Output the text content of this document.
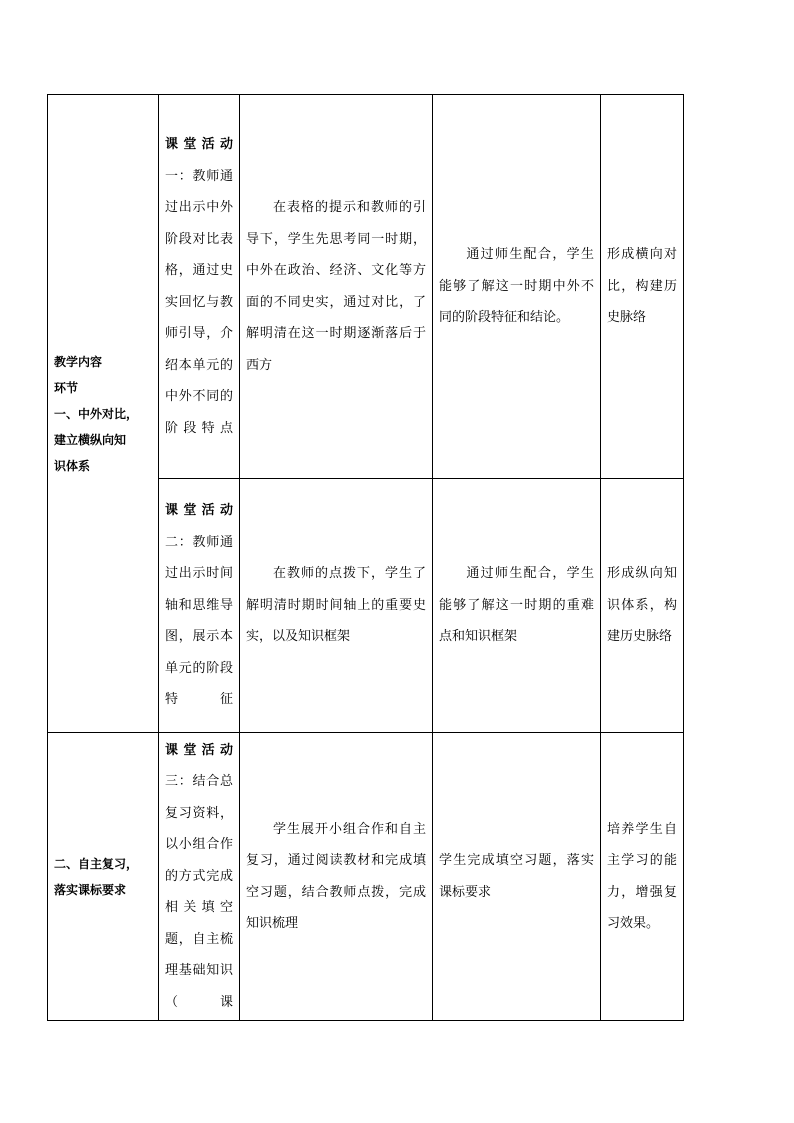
教学内容
环节
一、中外对比，
建立横纵向知
识体系	课堂活动一：教师通过出示中外阶段对比表格，通过史实回忆与教师引导，介绍本单元的中外不同的阶段特点	在表格的提示和教师的引导下，学生先思考同一时期，中外在政治、经济、文化等方面的不同史实，通过对比，了解明清在这一时期逐渐落后于西方	通过师生配合，学生能够了解这一时期中外不同的阶段特征和结论。	形成横向对比，构建历史脉络
	课堂活动二：教师通过出示时间轴和思维导图，展示本单元的阶段特征	在教师的点拨下，学生了解明清时期时间轴上的重要史实，以及知识框架	通过师生配合，学生能够了解这一时期的重难点和知识框架	形成纵向知识体系，构建历史脉络

二、自主复习，
落实课标要求	课堂活动三：结合总复习资料，以小组合作的方式完成相关填空题，自主梳理基础知识（课	学生展开小组合作和自主复习，通过阅读教材和完成填空习题，结合教师点拨，完成知识梳理	学生完成填空习题，落实课标要求	培养学生自主学习的能力，增强复习效果。
